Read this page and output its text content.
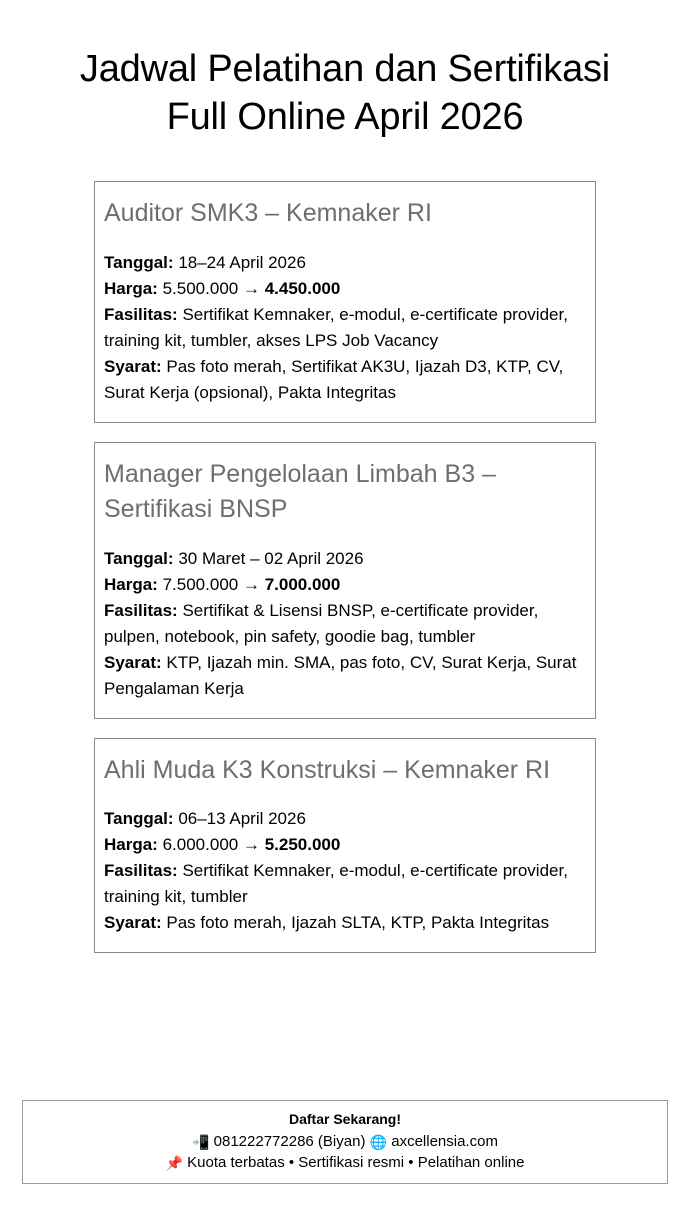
Jadwal Pelatihan dan Sertifikasi
Full Online April 2026
Auditor SMK3 – Kemnaker RI

Tanggal: 18–24 April 2026

Harga: 5.500.000 → 4.450.000

Fasilitas: Sertifikat Kemnaker, e-modul, e-certificate provider, training kit, tumbler, akses LPS Job Vacancy

Syarat: Pas foto merah, Sertifikat AK3U, Ijazah D3, KTP, CV, Surat Kerja (opsional), Pakta Integritas

Manager Pengelolaan Limbah B3 – Sertifikasi BNSP

Tanggal: 30 Maret – 02 April 2026

Harga: 7.500.000 → 7.000.000

Fasilitas: Sertifikat & Lisensi BNSP, e-certificate provider, pulpen, notebook, pin safety, goodie bag, tumbler

Syarat: KTP, Ijazah min. SMA, pas foto, CV, Surat Kerja, Surat Pengalaman Kerja

Ahli Muda K3 Konstruksi – Kemnaker RI

Tanggal: 06–13 April 2026

Harga: 6.000.000 → 5.250.000

Fasilitas: Sertifikat Kemnaker, e-modul, e-certificate provider, training kit, tumbler

Syarat: Pas foto merah, Ijazah SLTA, KTP, Pakta Integritas

Daftar Sekarang!

📲 081222772286 (Biyan) 🌐 axcellensia.com

📌 Kuota terbatas • Sertifikasi resmi • Pelatihan online
